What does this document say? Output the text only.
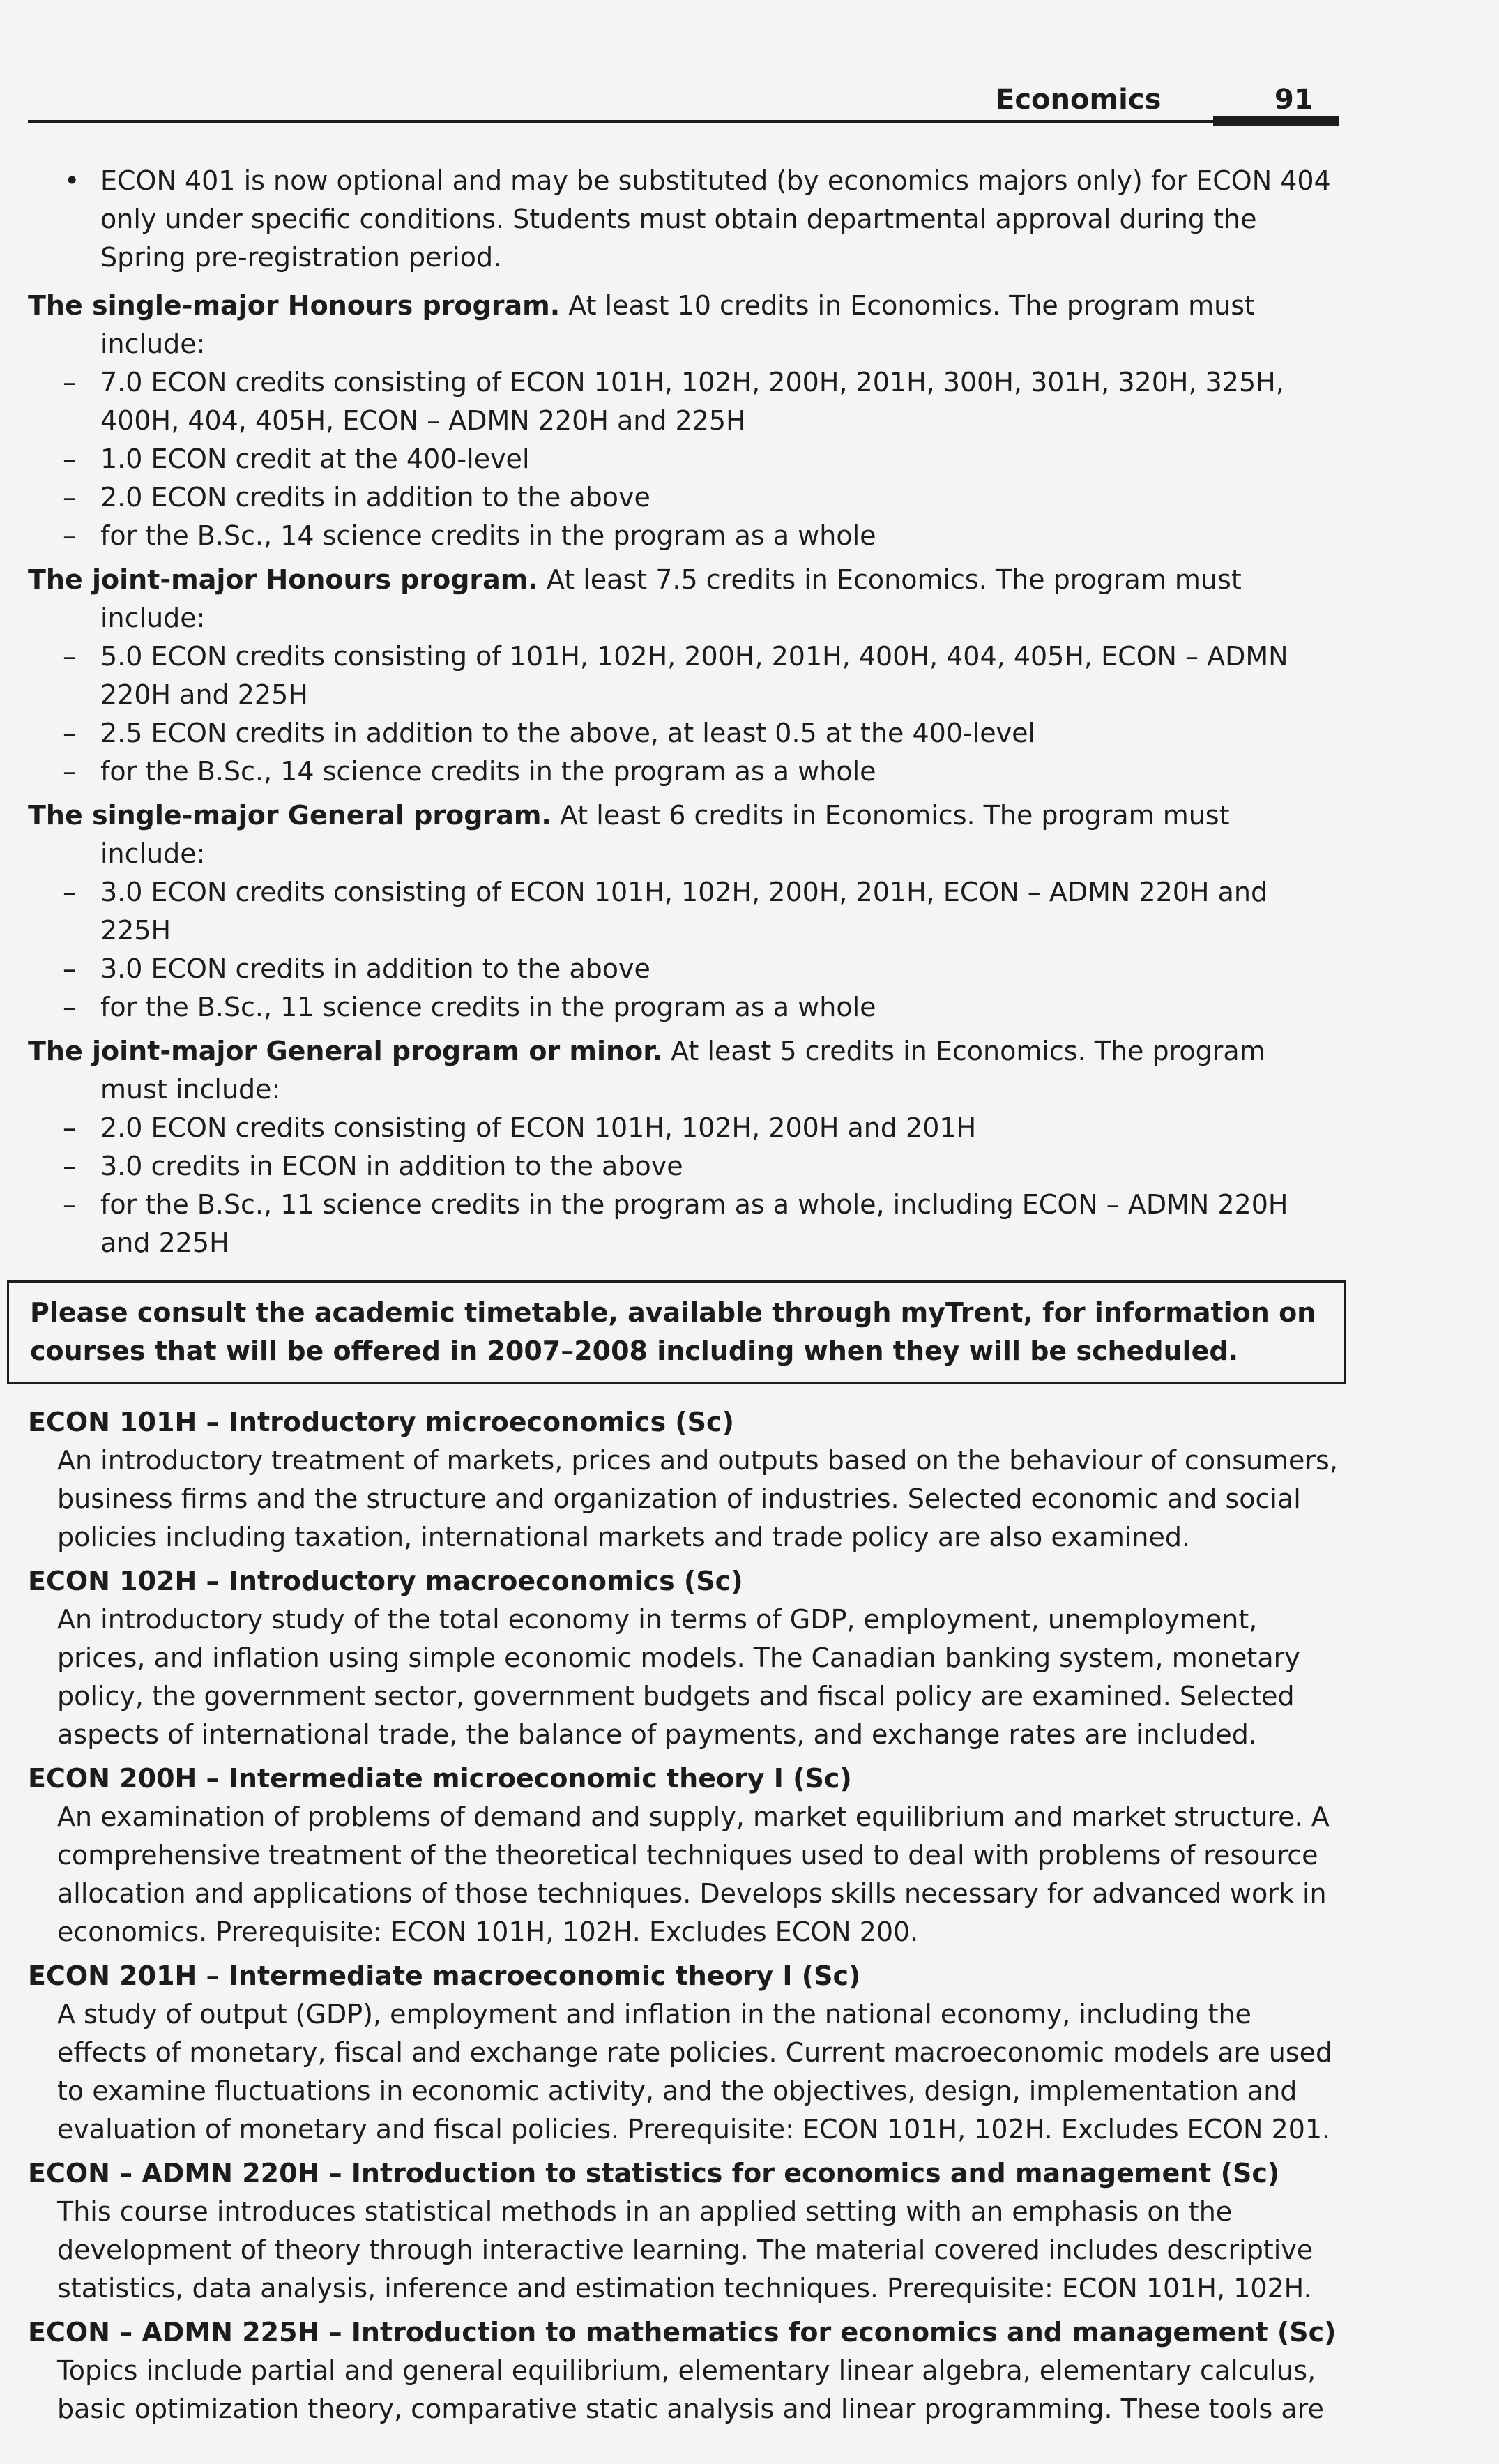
Economics	91

• ECON 401 is now optional and may be substituted (by economics majors only) for ECON 404 only under specific conditions. Students must obtain departmental approval during the Spring pre-registration period.

The single-major Honours program. At least 10 credits in Economics. The program must include:

– 7.0 ECON credits consisting of ECON 101H, 102H, 200H, 201H, 300H, 301H, 320H, 325H, 400H, 404, 405H, ECON – ADMN 220H and 225H
– 1.0 ECON credit at the 400-level
– 2.0 ECON credits in addition to the above
– for the B.Sc., 14 science credits in the program as a whole

The joint-major Honours program. At least 7.5 credits in Economics. The program must include:

– 5.0 ECON credits consisting of 101H, 102H, 200H, 201H, 400H, 404, 405H, ECON – ADMN 220H and 225H
– 2.5 ECON credits in addition to the above, at least 0.5 at the 400-level
– for the B.Sc., 14 science credits in the program as a whole

The single-major General program. At least 6 credits in Economics. The program must include:

– 3.0 ECON credits consisting of ECON 101H, 102H, 200H, 201H, ECON – ADMN 220H and 225H
– 3.0 ECON credits in addition to the above
– for the B.Sc., 11 science credits in the program as a whole

The joint-major General program or minor. At least 5 credits in Economics. The program must include:

– 2.0 ECON credits consisting of ECON 101H, 102H, 200H and 201H
– 3.0 credits in ECON in addition to the above
– for the B.Sc., 11 science credits in the program as a whole, including ECON – ADMN 220H and 225H
Please consult the academic timetable, available through myTrent, for information on courses that will be offered in 2007–2008 including when they will be scheduled.

ECON 101H – Introductory microeconomics (Sc)

An introductory treatment of markets, prices and outputs based on the behaviour of consumers, business firms and the structure and organization of industries. Selected economic and social policies including taxation, international markets and trade policy are also examined.

ECON 102H – Introductory macroeconomics (Sc)

An introductory study of the total economy in terms of GDP, employment, unemployment, prices, and inflation using simple economic models. The Canadian banking system, monetary policy, the government sector, government budgets and fiscal policy are examined. Selected aspects of international trade, the balance of payments, and exchange rates are included.

ECON 200H – Intermediate microeconomic theory I (Sc)

An examination of problems of demand and supply, market equilibrium and market structure. A comprehensive treatment of the theoretical techniques used to deal with problems of resource allocation and applications of those techniques. Develops skills necessary for advanced work in economics. Prerequisite: ECON 101H, 102H. Excludes ECON 200.

ECON 201H – Intermediate macroeconomic theory I (Sc)

A study of output (GDP), employment and inflation in the national economy, including the effects of monetary, fiscal and exchange rate policies. Current macroeconomic models are used to examine fluctuations in economic activity, and the objectives, design, implementation and evaluation of monetary and fiscal policies. Prerequisite: ECON 101H, 102H. Excludes ECON 201.

ECON – ADMN 220H – Introduction to statistics for economics and management (Sc)

This course introduces statistical methods in an applied setting with an emphasis on the development of theory through interactive learning. The material covered includes descriptive statistics, data analysis, inference and estimation techniques. Prerequisite: ECON 101H, 102H.

ECON – ADMN 225H – Introduction to mathematics for economics and management (Sc)

Topics include partial and general equilibrium, elementary linear algebra, elementary calculus, basic optimization theory, comparative static analysis and linear programming. These tools are
